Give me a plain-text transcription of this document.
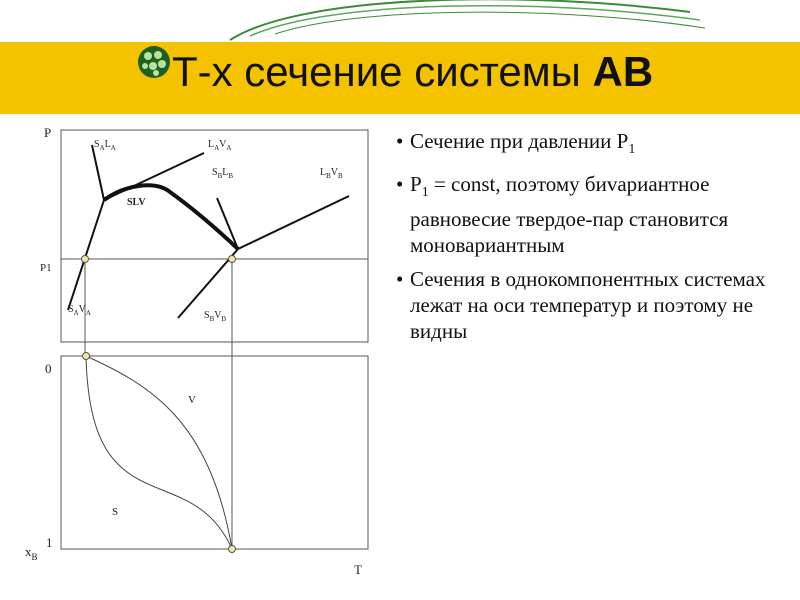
Т-х сечение системы АВ
P
P1
$S_AL_A$	$L_AV_A$
$S_BL_B$	$L_BV_B$
SLV
$S_AV_A$	$S_BV_B$
0
1
$x_B$
T
V
S
• Сечение при давлении $Р_1$
• $Р_1$ = const, поэтому биvариантное равновесие твердое-пар становится моновариантным
• Сечения в однокомпонентных системах лежат на оси температур и поэтому не видны
